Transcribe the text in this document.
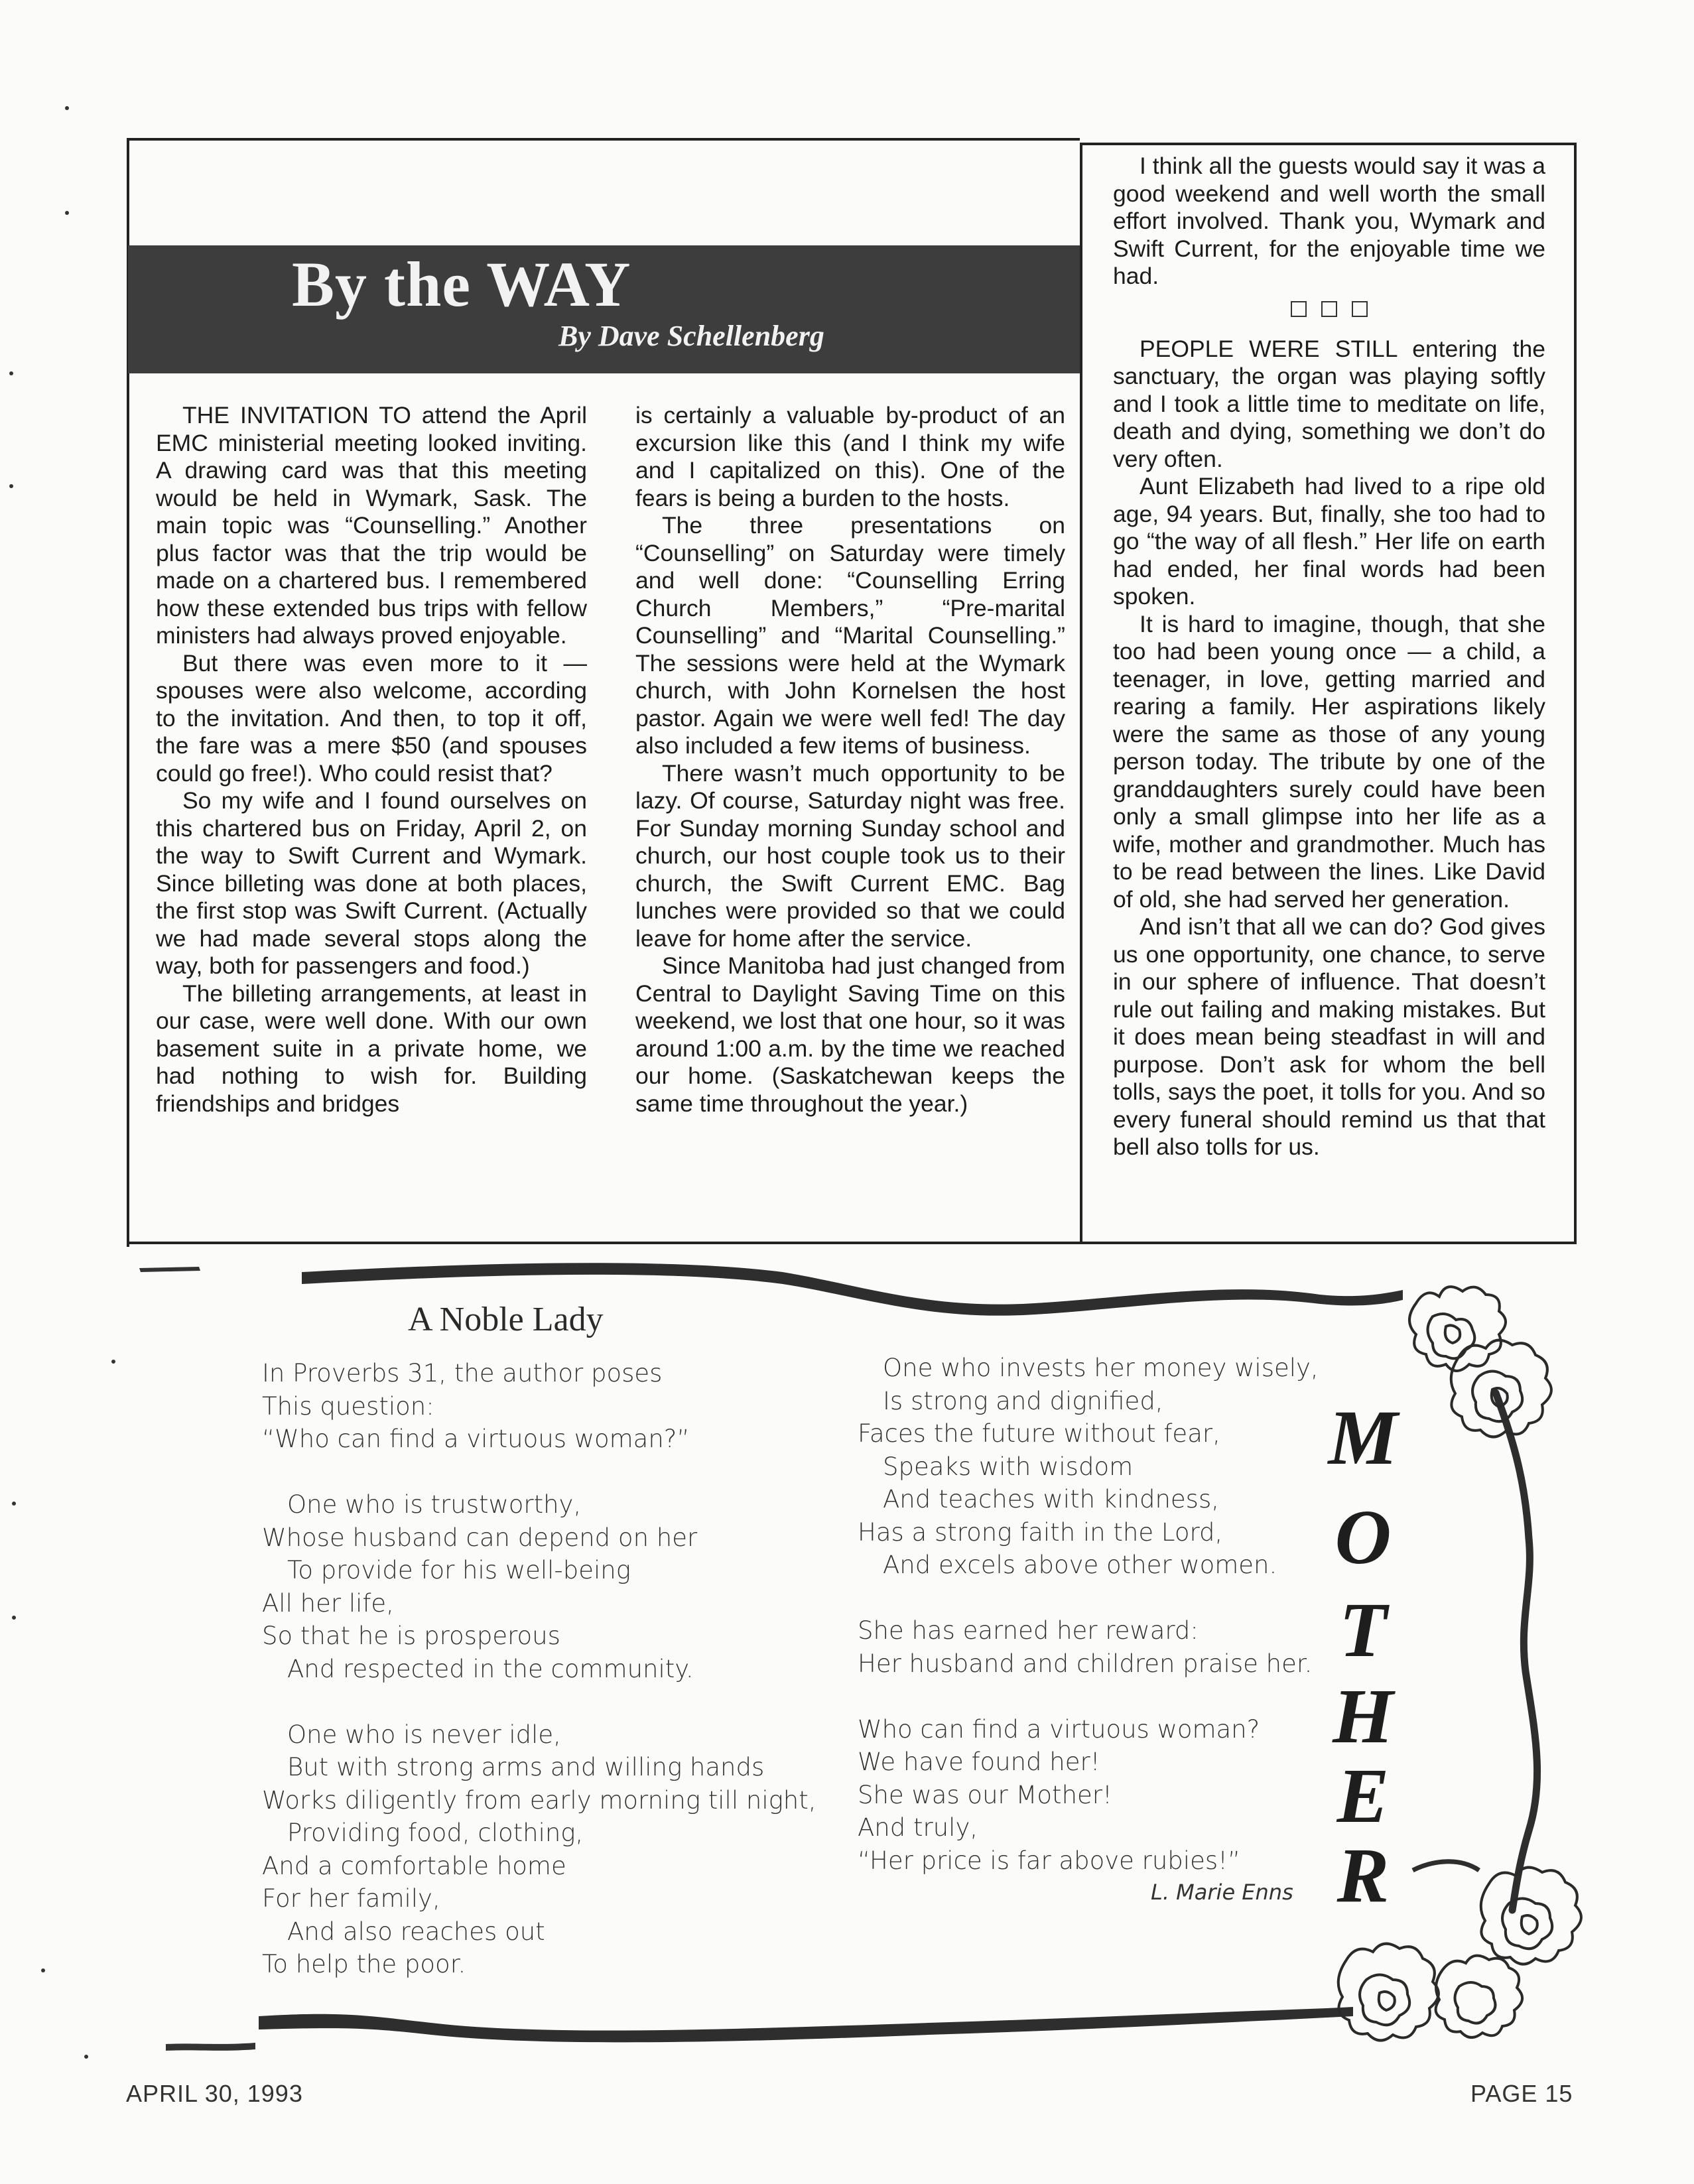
By the WAY
By Dave Schellenberg

THE INVITATION TO attend the April EMC ministerial meeting looked inviting. A drawing card was that this meeting would be held in Wymark, Sask. The main topic was “Counselling.” Another plus factor was that the trip would be made on a chartered bus. I remembered how these extended bus trips with fellow ministers had always proved enjoyable.

But there was even more to it — spouses were also welcome, according to the invitation. And then, to top it off, the fare was a mere $50 (and spouses could go free!). Who could resist that?

So my wife and I found ourselves on this chartered bus on Friday, April 2, on the way to Swift Current and Wymark. Since billeting was done at both places, the first stop was Swift Current. (Actually we had made several stops along the way, both for passengers and food.)

The billeting arrangements, at least in our case, were well done. With our own basement suite in a private home, we had nothing to wish for. Building friendships and bridges

is certainly a valuable by-product of an excursion like this (and I think my wife and I capitalized on this). One of the fears is being a burden to the hosts.

The three presentations on “Counselling” on Saturday were timely and well done: “Counselling Erring Church Members,” “Pre-marital Counselling” and “Marital Counselling.” The sessions were held at the Wymark church, with John Kornelsen the host pastor. Again we were well fed! The day also included a few items of business.

There wasn’t much opportunity to be lazy. Of course, Saturday night was free. For Sunday morning Sunday school and church, our host couple took us to their church, the Swift Current EMC. Bag lunches were provided so that we could leave for home after the service.

Since Manitoba had just changed from Central to Daylight Saving Time on this weekend, we lost that one hour, so it was around 1:00 a.m. by the time we reached our home. (Saskatchewan keeps the same time throughout the year.)

I think all the guests would say it was a good weekend and well worth the small effort involved. Thank you, Wymark and Swift Current, for the enjoyable time we had.

PEOPLE WERE STILL entering the sanctuary, the organ was playing softly and I took a little time to meditate on life, death and dying, something we don’t do very often.

Aunt Elizabeth had lived to a ripe old age, 94 years. But, finally, she too had to go “the way of all flesh.” Her life on earth had ended, her final words had been spoken.

It is hard to imagine, though, that she too had been young once — a child, a teenager, in love, getting married and rearing a family. Her aspirations likely were the same as those of any young person today. The tribute by one of the granddaughters surely could have been only a small glimpse into her life as a wife, mother and grandmother. Much has to be read between the lines. Like David of old, she had served her generation.

And isn’t that all we can do? God gives us one opportunity, one chance, to serve in our sphere of influence. That doesn’t rule out failing and making mistakes. But it does mean being steadfast in will and purpose. Don’t ask for whom the bell tolls, says the poet, it tolls for you. And so every funeral should remind us that that bell also tolls for us.

A Noble Lady
In Proverbs 31, the author poses
This question:
“Who can find a virtuous woman?”
One who is trustworthy,
Whose husband can depend on her
To provide for his well-being
All her life,
So that he is prosperous
And respected in the community.
One who is never idle,
But with strong arms and willing hands
Works diligently from early morning till night,
Providing food, clothing,
And a comfortable home
For her family,
And also reaches out
To help the poor.
One who invests her money wisely,
Is strong and dignified,
Faces the future without fear,
Speaks with wisdom
And teaches with kindness,
Has a strong faith in the Lord,
And excels above other women.
She has earned her reward:
Her husband and children praise her.
Who can find a virtuous woman?
We have found her!
She was our Mother!
And truly,
“Her price is far above rubies!”
L. Marie Enns
M
O
T
H
E
R
APRIL 30, 1993	PAGE 15
